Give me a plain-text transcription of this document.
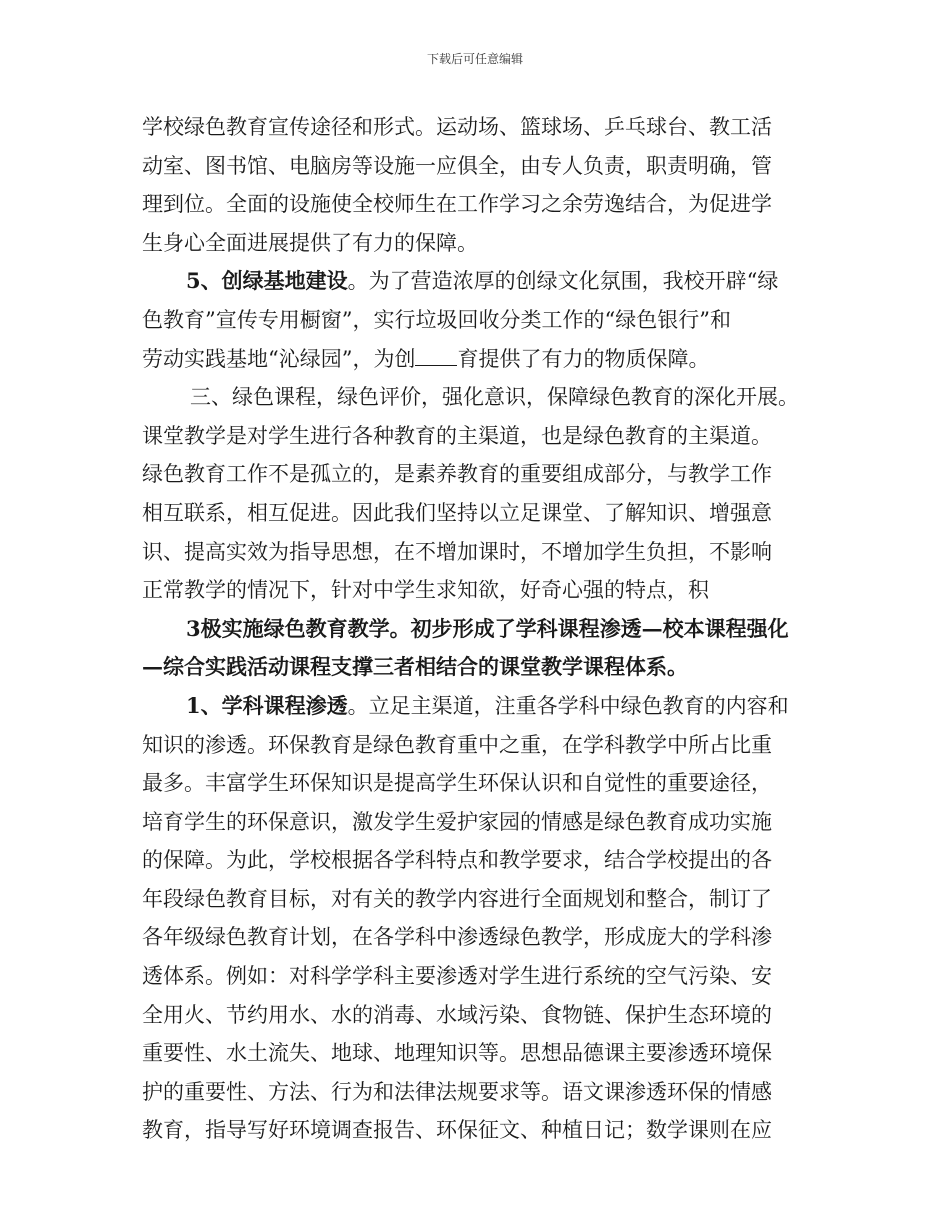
下载后可任意编辑
学校绿色教育宣传途径和形式。运动场、篮球场、乒乓球台、教工活
动室、图书馆、电脑房等设施一应俱全，由专人负责，职责明确，管
理到位。全面的设施使全校师生在工作学习之余劳逸结合，为促进学
生身心全面进展提供了有力的保障。
5、创绿基地建设。为了营造浓厚的创绿文化氛围，我校开辟“绿
色教育”宣传专用橱窗”，实行垃圾回收分类工作的“绿色银行”和
劳动实践基地“沁绿园”，为创 育提供了有力的物质保障。
三、绿色课程，绿色评价，强化意识，保障绿色教育的深化开展。
课堂教学是对学生进行各种教育的主渠道，也是绿色教育的主渠道。
绿色教育工作不是孤立的，是素养教育的重要组成部分，与教学工作
相互联系，相互促进。因此我们坚持以立足课堂、了解知识、增强意
识、提高实效为指导思想，在不增加课时，不增加学生负担，不影响
正常教学的情况下，针对中学生求知欲，好奇心强的特点，积
3极实施绿色教育教学。初步形成了学科课程渗透—校本课程强化
—综合实践活动课程支撑三者相结合的课堂教学课程体系。
1、学科课程渗透。立足主渠道，注重各学科中绿色教育的内容和
知识的渗透。环保教育是绿色教育重中之重，在学科教学中所占比重
最多。丰富学生环保知识是提高学生环保认识和自觉性的重要途径，
培育学生的环保意识，激发学生爱护家园的情感是绿色教育成功实施
的保障。为此，学校根据各学科特点和教学要求，结合学校提出的各
年段绿色教育目标，对有关的教学内容进行全面规划和整合，制订了
各年级绿色教育计划，在各学科中渗透绿色教学，形成庞大的学科渗
透体系。例如：对科学学科主要渗透对学生进行系统的空气污染、安
全用火、节约用水、水的消毒、水域污染、食物链、保护生态环境的
重要性、水土流失、地球、地理知识等。思想品德课主要渗透环境保
护的重要性、方法、行为和法律法规要求等。语文课渗透环保的情感
教育，指导写好环境调查报告、环保征文、种植日记；数学课则在应
